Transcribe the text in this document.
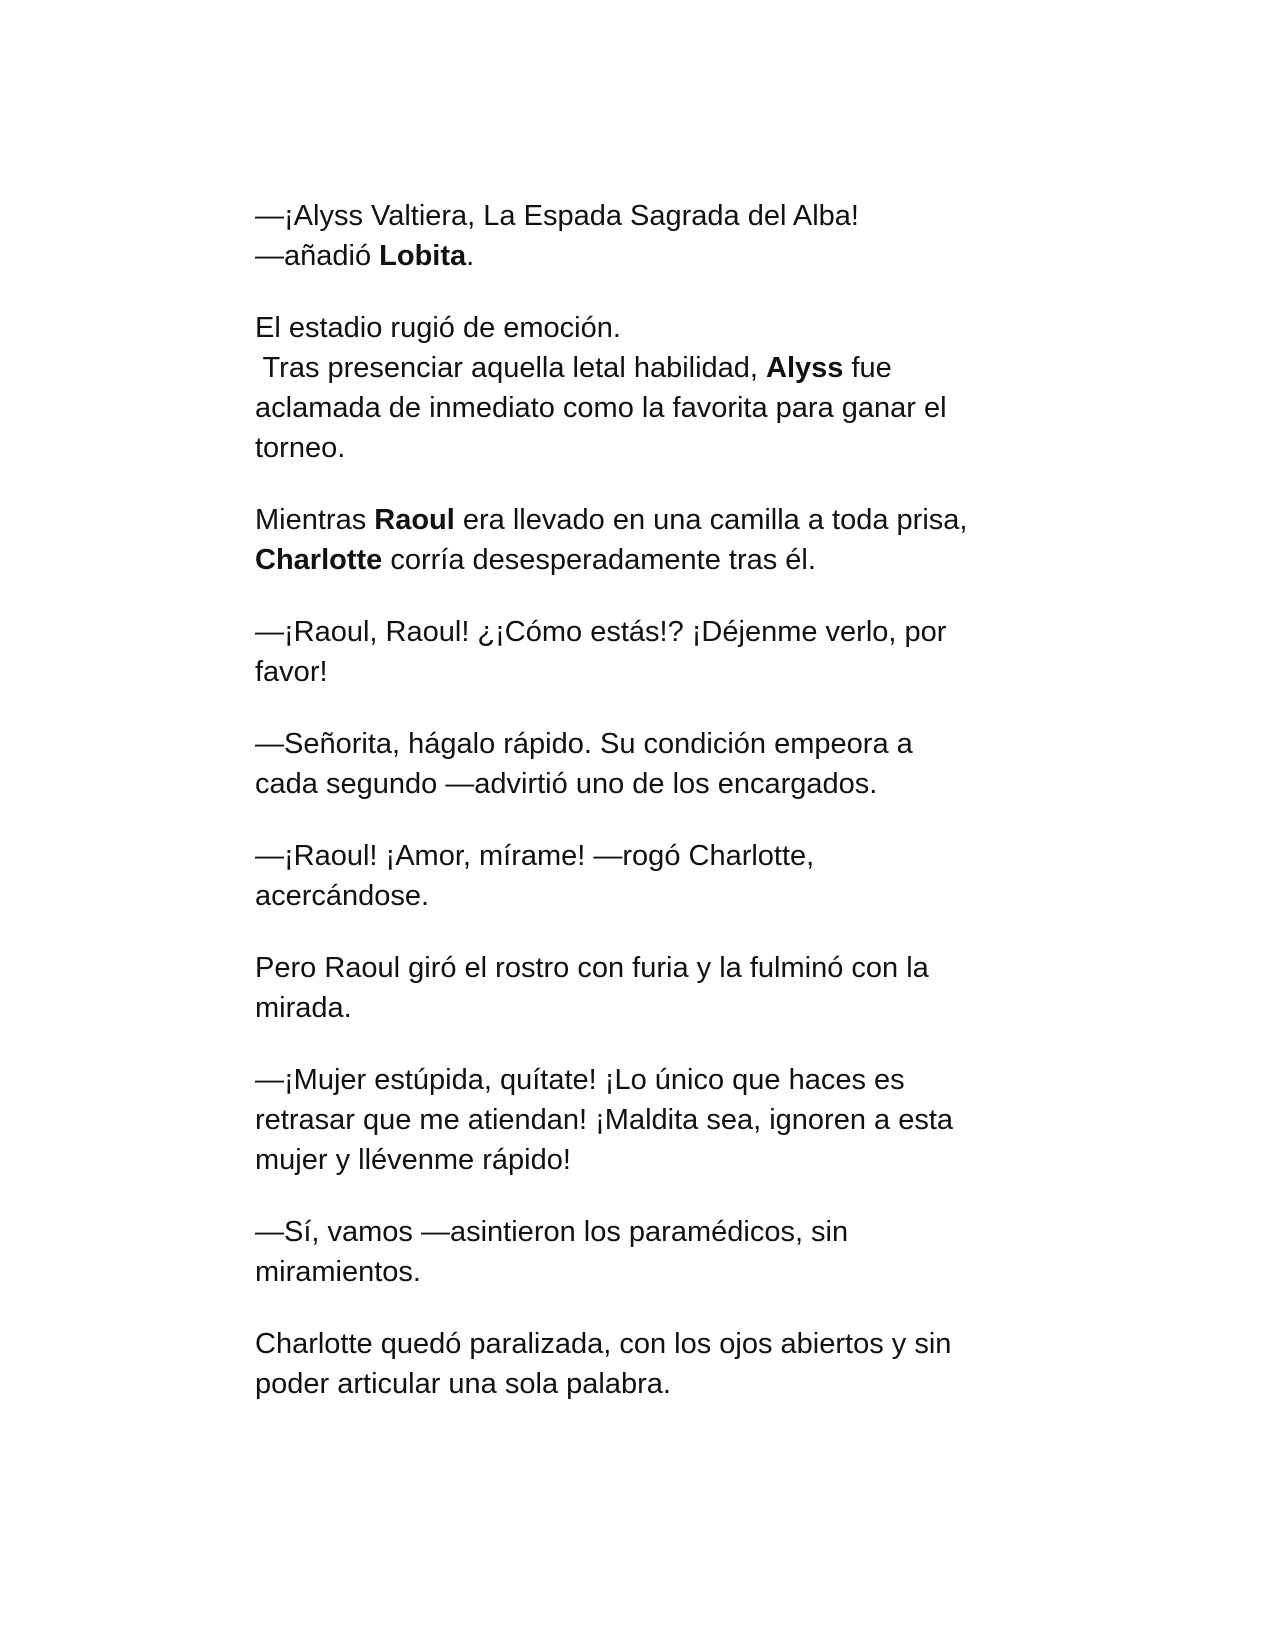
—¡Alyss Valtiera, La Espada Sagrada del Alba!
—añadió Lobita.

El estadio rugió de emoción.
Tras presenciar aquella letal habilidad, Alyss fue
aclamada de inmediato como la favorita para ganar el
torneo.

Mientras Raoul era llevado en una camilla a toda prisa,
Charlotte corría desesperadamente tras él.

—¡Raoul, Raoul! ¿¡Cómo estás!? ¡Déjenme verlo, por
favor!

—Señorita, hágalo rápido. Su condición empeora a
cada segundo —advirtió uno de los encargados.

—¡Raoul! ¡Amor, mírame! —rogó Charlotte,
acercándose.

Pero Raoul giró el rostro con furia y la fulminó con la
mirada.

—¡Mujer estúpida, quítate! ¡Lo único que haces es
retrasar que me atiendan! ¡Maldita sea, ignoren a esta
mujer y llévenme rápido!

—Sí, vamos —asintieron los paramédicos, sin
miramientos.

Charlotte quedó paralizada, con los ojos abiertos y sin
poder articular una sola palabra.
